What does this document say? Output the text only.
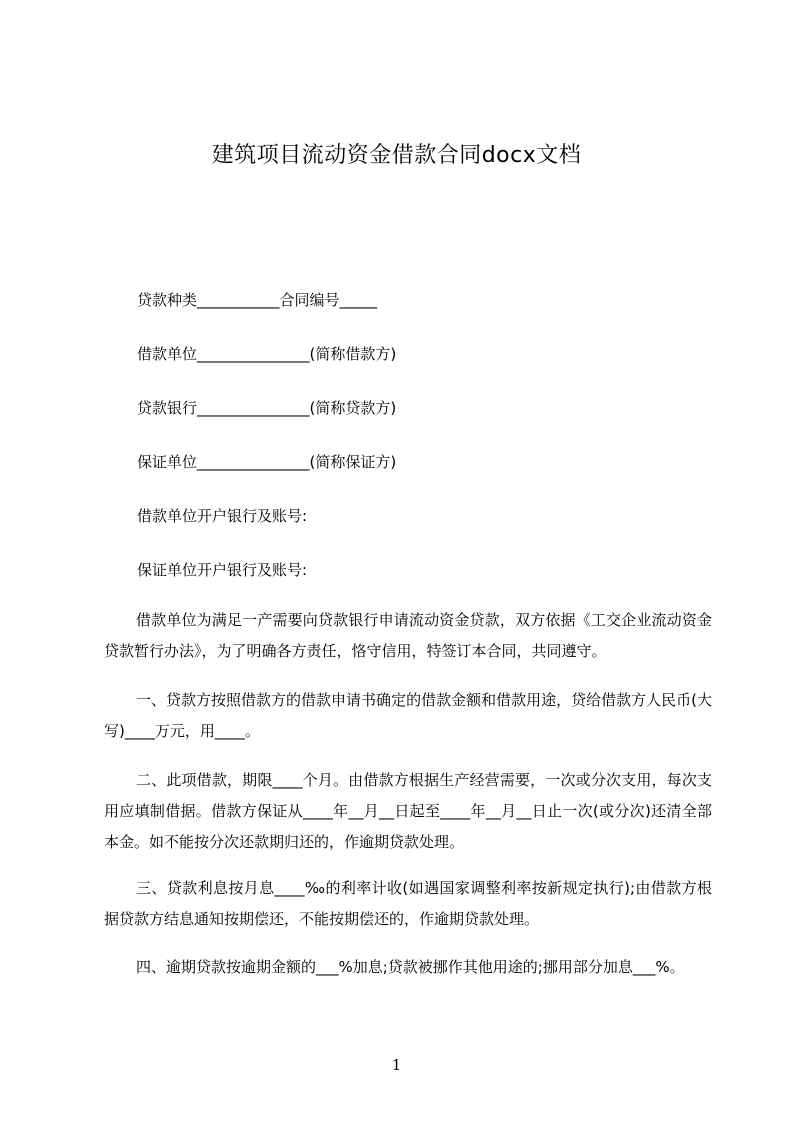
建筑项目流动资金借款合同docx文档
贷款种类___________合同编号_____
借款单位_______________(简称借款方)
贷款银行_______________(简称贷款方)
保证单位_______________(简称保证方)
借款单位开户银行及账号:
保证单位开户银行及账号:
借款单位为满足一产需要向贷款银行申请流动资金贷款，双方依据《工交企业流动资金贷款暂行办法》，为了明确各方责任，恪守信用，特签订本合同，共同遵守。
一、贷款方按照借款方的借款申请书确定的借款金额和借款用途，贷给借款方人民币(大写)____万元，用____。
二、此项借款，期限____个月。由借款方根据生产经营需要，一次或分次支用，每次支用应填制借据。借款方保证从____年__月__日起至____年__月__日止一次(或分次)还清全部本金。如不能按分次还款期归还的，作逾期贷款处理。
三、贷款利息按月息____‰的利率计收(如遇国家调整利率按新规定执行);由借款方根据贷款方结息通知按期偿还，不能按期偿还的，作逾期贷款处理。
四、逾期贷款按逾期金额的___%加息;贷款被挪作其他用途的;挪用部分加息___%。
1
